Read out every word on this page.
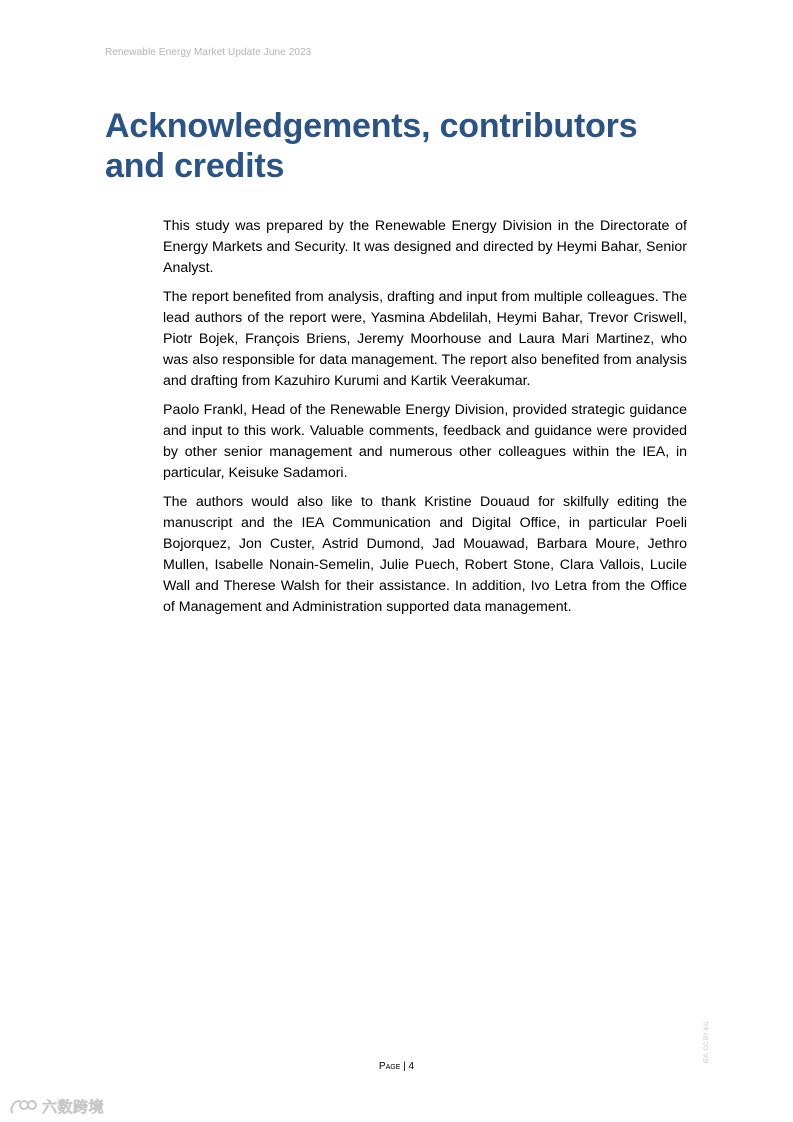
Renewable Energy Market Update June 2023
Acknowledgements, contributors
and credits

This study was prepared by the Renewable Energy Division in the Directorate of Energy Markets and Security. It was designed and directed by Heymi Bahar, Senior Analyst.

The report benefited from analysis, drafting and input from multiple colleagues. The lead authors of the report were, Yasmina Abdelilah, Heymi Bahar, Trevor Criswell, Piotr Bojek, François Briens, Jeremy Moorhouse and Laura Mari Martinez, who was also responsible for data management. The report also benefited from analysis and drafting from Kazuhiro Kurumi and Kartik Veerakumar.

Paolo Frankl, Head of the Renewable Energy Division, provided strategic guidance and input to this work. Valuable comments, feedback and guidance were provided by other senior management and numerous other colleagues within the IEA, in particular, Keisuke Sadamori.

The authors would also like to thank Kristine Douaud for skilfully editing the manuscript and the IEA Communication and Digital Office, in particular Poeli Bojorquez, Jon Custer, Astrid Dumond, Jad Mouawad, Barbara Moure, Jethro Mullen, Isabelle Nonain-Semelin, Julie Puech, Robert Stone, Clara Vallois, Lucile Wall and Therese Walsh for their assistance. In addition, Ivo Letra from the Office of Management and Administration supported data management.

Page | 4
IEA. CC BY 4.0.
六数跨境
